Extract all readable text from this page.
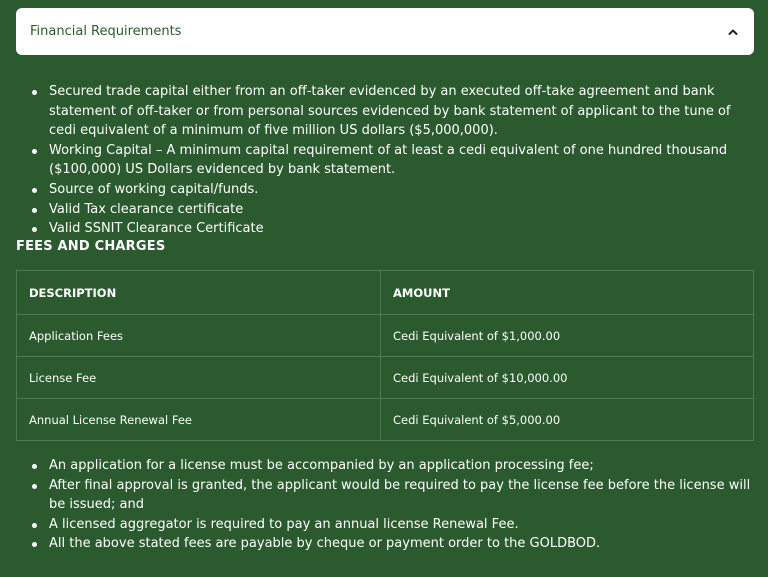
Financial Requirements
Secured trade capital either from an off-taker evidenced by an executed off-take agreement and bank statement of off-taker or from personal sources evidenced by bank statement of applicant to the tune of cedi equivalent of a minimum of five million US dollars ($5,000,000).
Working Capital – A minimum capital requirement of at least a cedi equivalent of one hundred thousand ($100,000) US Dollars evidenced by bank statement.
Source of working capital/funds.
Valid Tax clearance certificate
Valid SSNIT Clearance Certificate
FEES AND CHARGES
DESCRIPTION	AMOUNT
Application Fees	Cedi Equivalent of $1,000.00
License Fee	Cedi Equivalent of $10,000.00
Annual License Renewal Fee	Cedi Equivalent of $5,000.00
An application for a license must be accompanied by an application processing fee;
After final approval is granted, the applicant would be required to pay the license fee before the license will be issued; and
A licensed aggregator is required to pay an annual license Renewal Fee.
All the above stated fees are payable by cheque or payment order to the GOLDBOD.
